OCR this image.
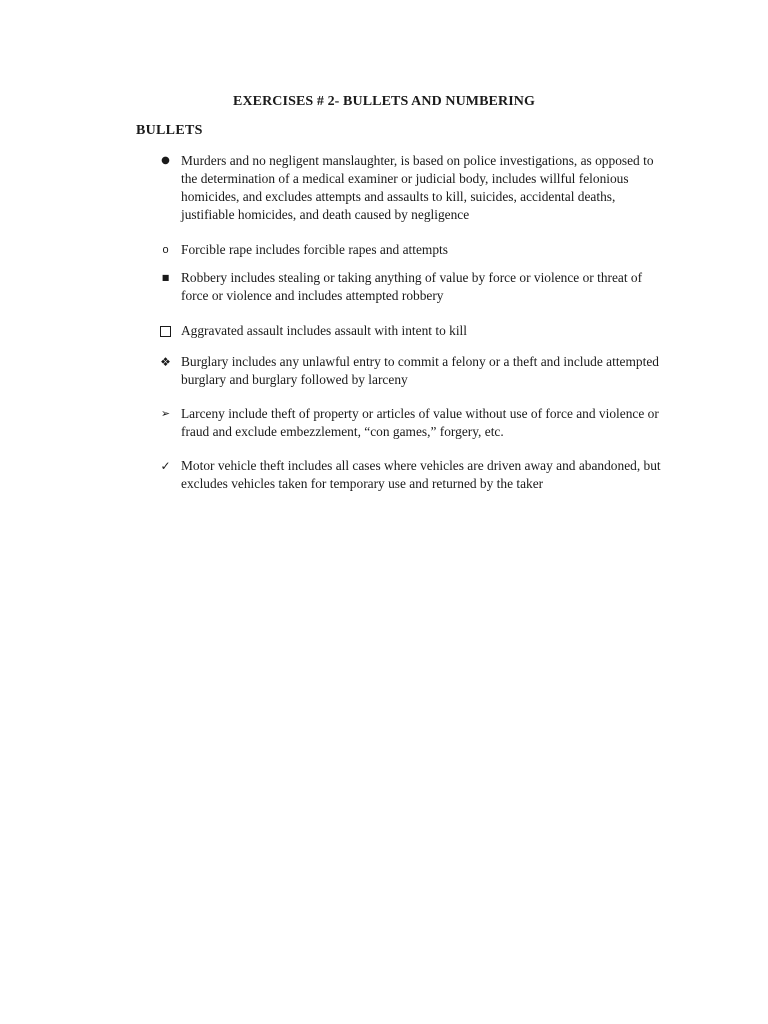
EXERCISES # 2- BULLETS AND NUMBERING
BULLETS
● Murders and no negligent manslaughter, is based on police investigations, as opposed to the determination of a medical examiner or judicial body, includes willful felonious homicides, and excludes attempts and assaults to kill, suicides, accidental deaths, justifiable homicides, and death caused by negligence
o Forcible rape includes forcible rapes and attempts
■ Robbery includes stealing or taking anything of value by force or violence or threat of force or violence and includes attempted robbery
Aggravated assault includes assault with intent to kill
❖ Burglary includes any unlawful entry to commit a felony or a theft and include attempted burglary and burglary followed by larceny
➢ Larceny include theft of property or articles of value without use of force and violence or fraud and exclude embezzlement, “con games,” forgery, etc.
✓ Motor vehicle theft includes all cases where vehicles are driven away and abandoned, but excludes vehicles taken for temporary use and returned by the taker
